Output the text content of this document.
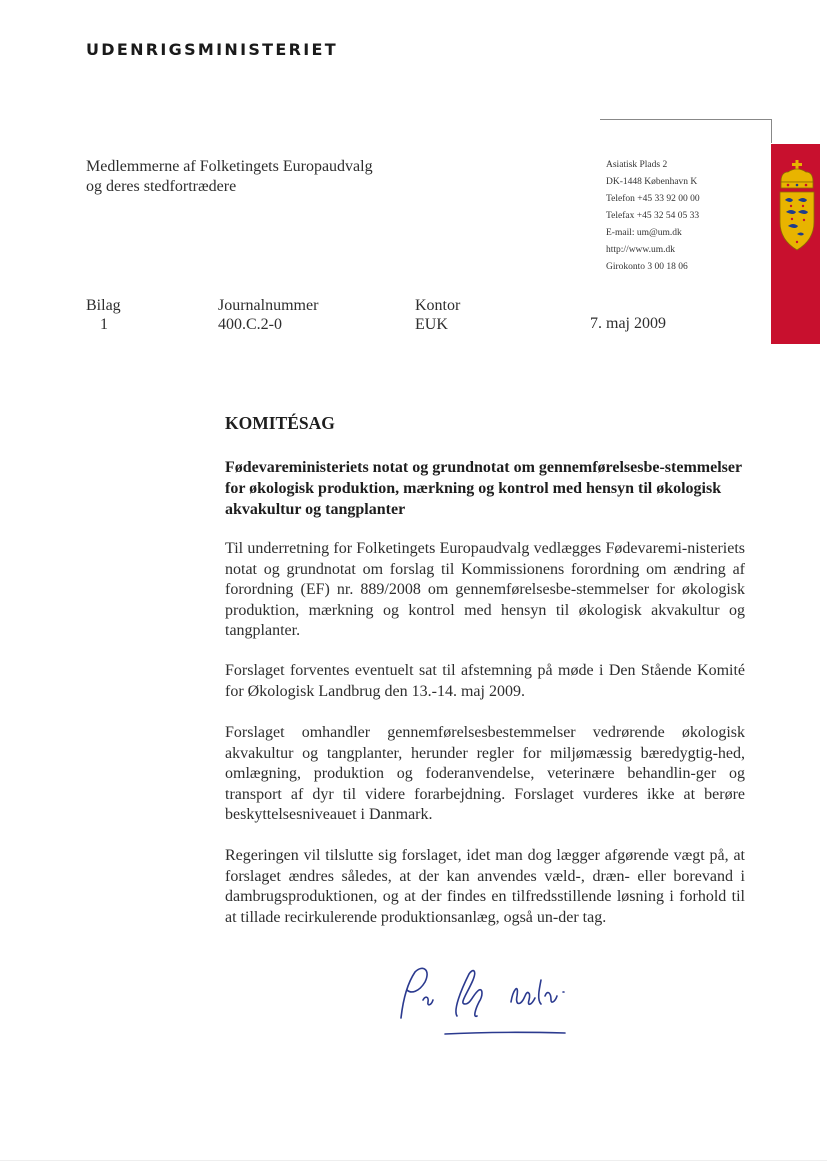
UDENRIGSMINISTERIET
Medlemmerne af Folketingets Europaudvalg
og deres stedfortrædere
Asiatisk Plads 2
DK-1448 København K
Telefon +45 33 92 00 00
Telefax +45 32 54 05 33
E-mail: um@um.dk
http://www.um.dk
Girokonto 3 00 18 06
Bilag
1
Journalnummer
400.C.2-0
Kontor
EUK	7. maj 2009
KOMITÉSAG
Fødevareministeriets notat og grundnotat om gennemførelsesbe-stemmelser for økologisk produktion, mærkning og kontrol med hensyn til økologisk akvakultur og tangplanter

Til underretning for Folketingets Europaudvalg vedlægges Fødevaremi-nisteriets notat og grundnotat om forslag til Kommissionens forordning om ændring af forordning (EF) nr. 889/2008 om gennemførelsesbe-stemmelser for økologisk produktion, mærkning og kontrol med hensyn til økologisk akvakultur og tangplanter.

Forslaget forventes eventuelt sat til afstemning på møde i Den Stående Komité for Økologisk Landbrug den 13.-14. maj 2009.

Forslaget omhandler gennemførelsesbestemmelser vedrørende økologisk akvakultur og tangplanter, herunder regler for miljømæssig bæredygtig-hed, omlægning, produktion og foderanvendelse, veterinære behandlin-ger og transport af dyr til videre forarbejdning. Forslaget vurderes ikke at berøre beskyttelsesniveauet i Danmark.

Regeringen vil tilslutte sig forslaget, idet man dog lægger afgørende vægt på, at forslaget ændres således, at der kan anvendes væld-, dræn- eller borevand i dambrugsproduktionen, og at der findes en tilfredsstillende løsning i forhold til at tillade recirkulerende produktionsanlæg, også un-der tag.
